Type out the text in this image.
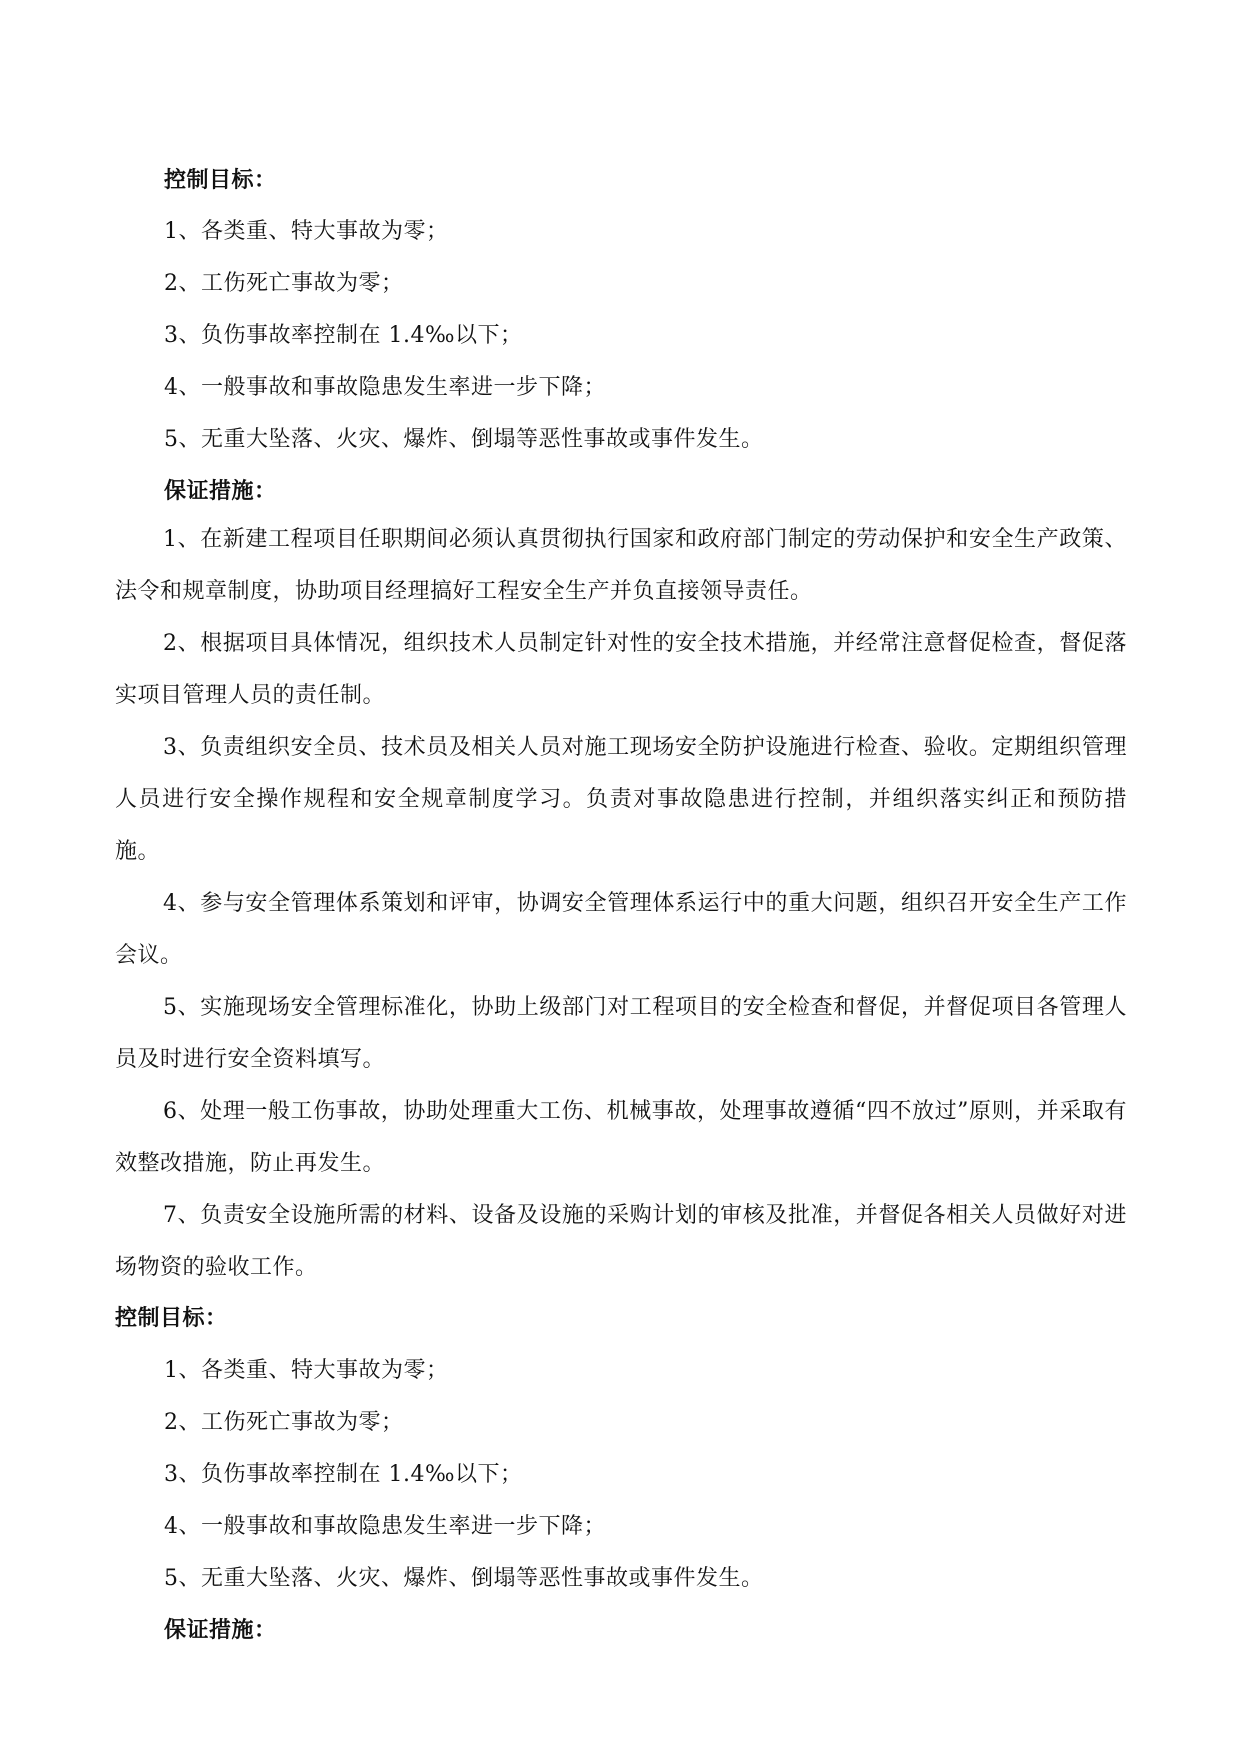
控制目标：
1、各类重、特大事故为零；
2、工伤死亡事故为零；
3、负伤事故率控制在 1.4‰以下；
4、一般事故和事故隐患发生率进一步下降；
5、无重大坠落、火灾、爆炸、倒塌等恶性事故或事件发生。
保证措施：
1、在新建工程项目任职期间必须认真贯彻执行国家和政府部门制定的劳动保护和安全生产政策、法令和规章制度，协助项目经理搞好工程安全生产并负直接领导责任。
2、根据项目具体情况，组织技术人员制定针对性的安全技术措施，并经常注意督促检查，督促落实项目管理人员的责任制。
3、负责组织安全员、技术员及相关人员对施工现场安全防护设施进行检查、验收。定期组织管理人员进行安全操作规程和安全规章制度学习。负责对事故隐患进行控制，并组织落实纠正和预防措施。
4、参与安全管理体系策划和评审，协调安全管理体系运行中的重大问题，组织召开安全生产工作会议。
5、实施现场安全管理标准化，协助上级部门对工程项目的安全检查和督促，并督促项目各管理人员及时进行安全资料填写。
6、处理一般工伤事故，协助处理重大工伤、机械事故，处理事故遵循“四不放过”原则，并采取有效整改措施，防止再发生。
7、负责安全设施所需的材料、设备及设施的采购计划的审核及批准，并督促各相关人员做好对进场物资的验收工作。
控制目标：
1、各类重、特大事故为零；
2、工伤死亡事故为零；
3、负伤事故率控制在 1.4‰以下；
4、一般事故和事故隐患发生率进一步下降；
5、无重大坠落、火灾、爆炸、倒塌等恶性事故或事件发生。
保证措施：
